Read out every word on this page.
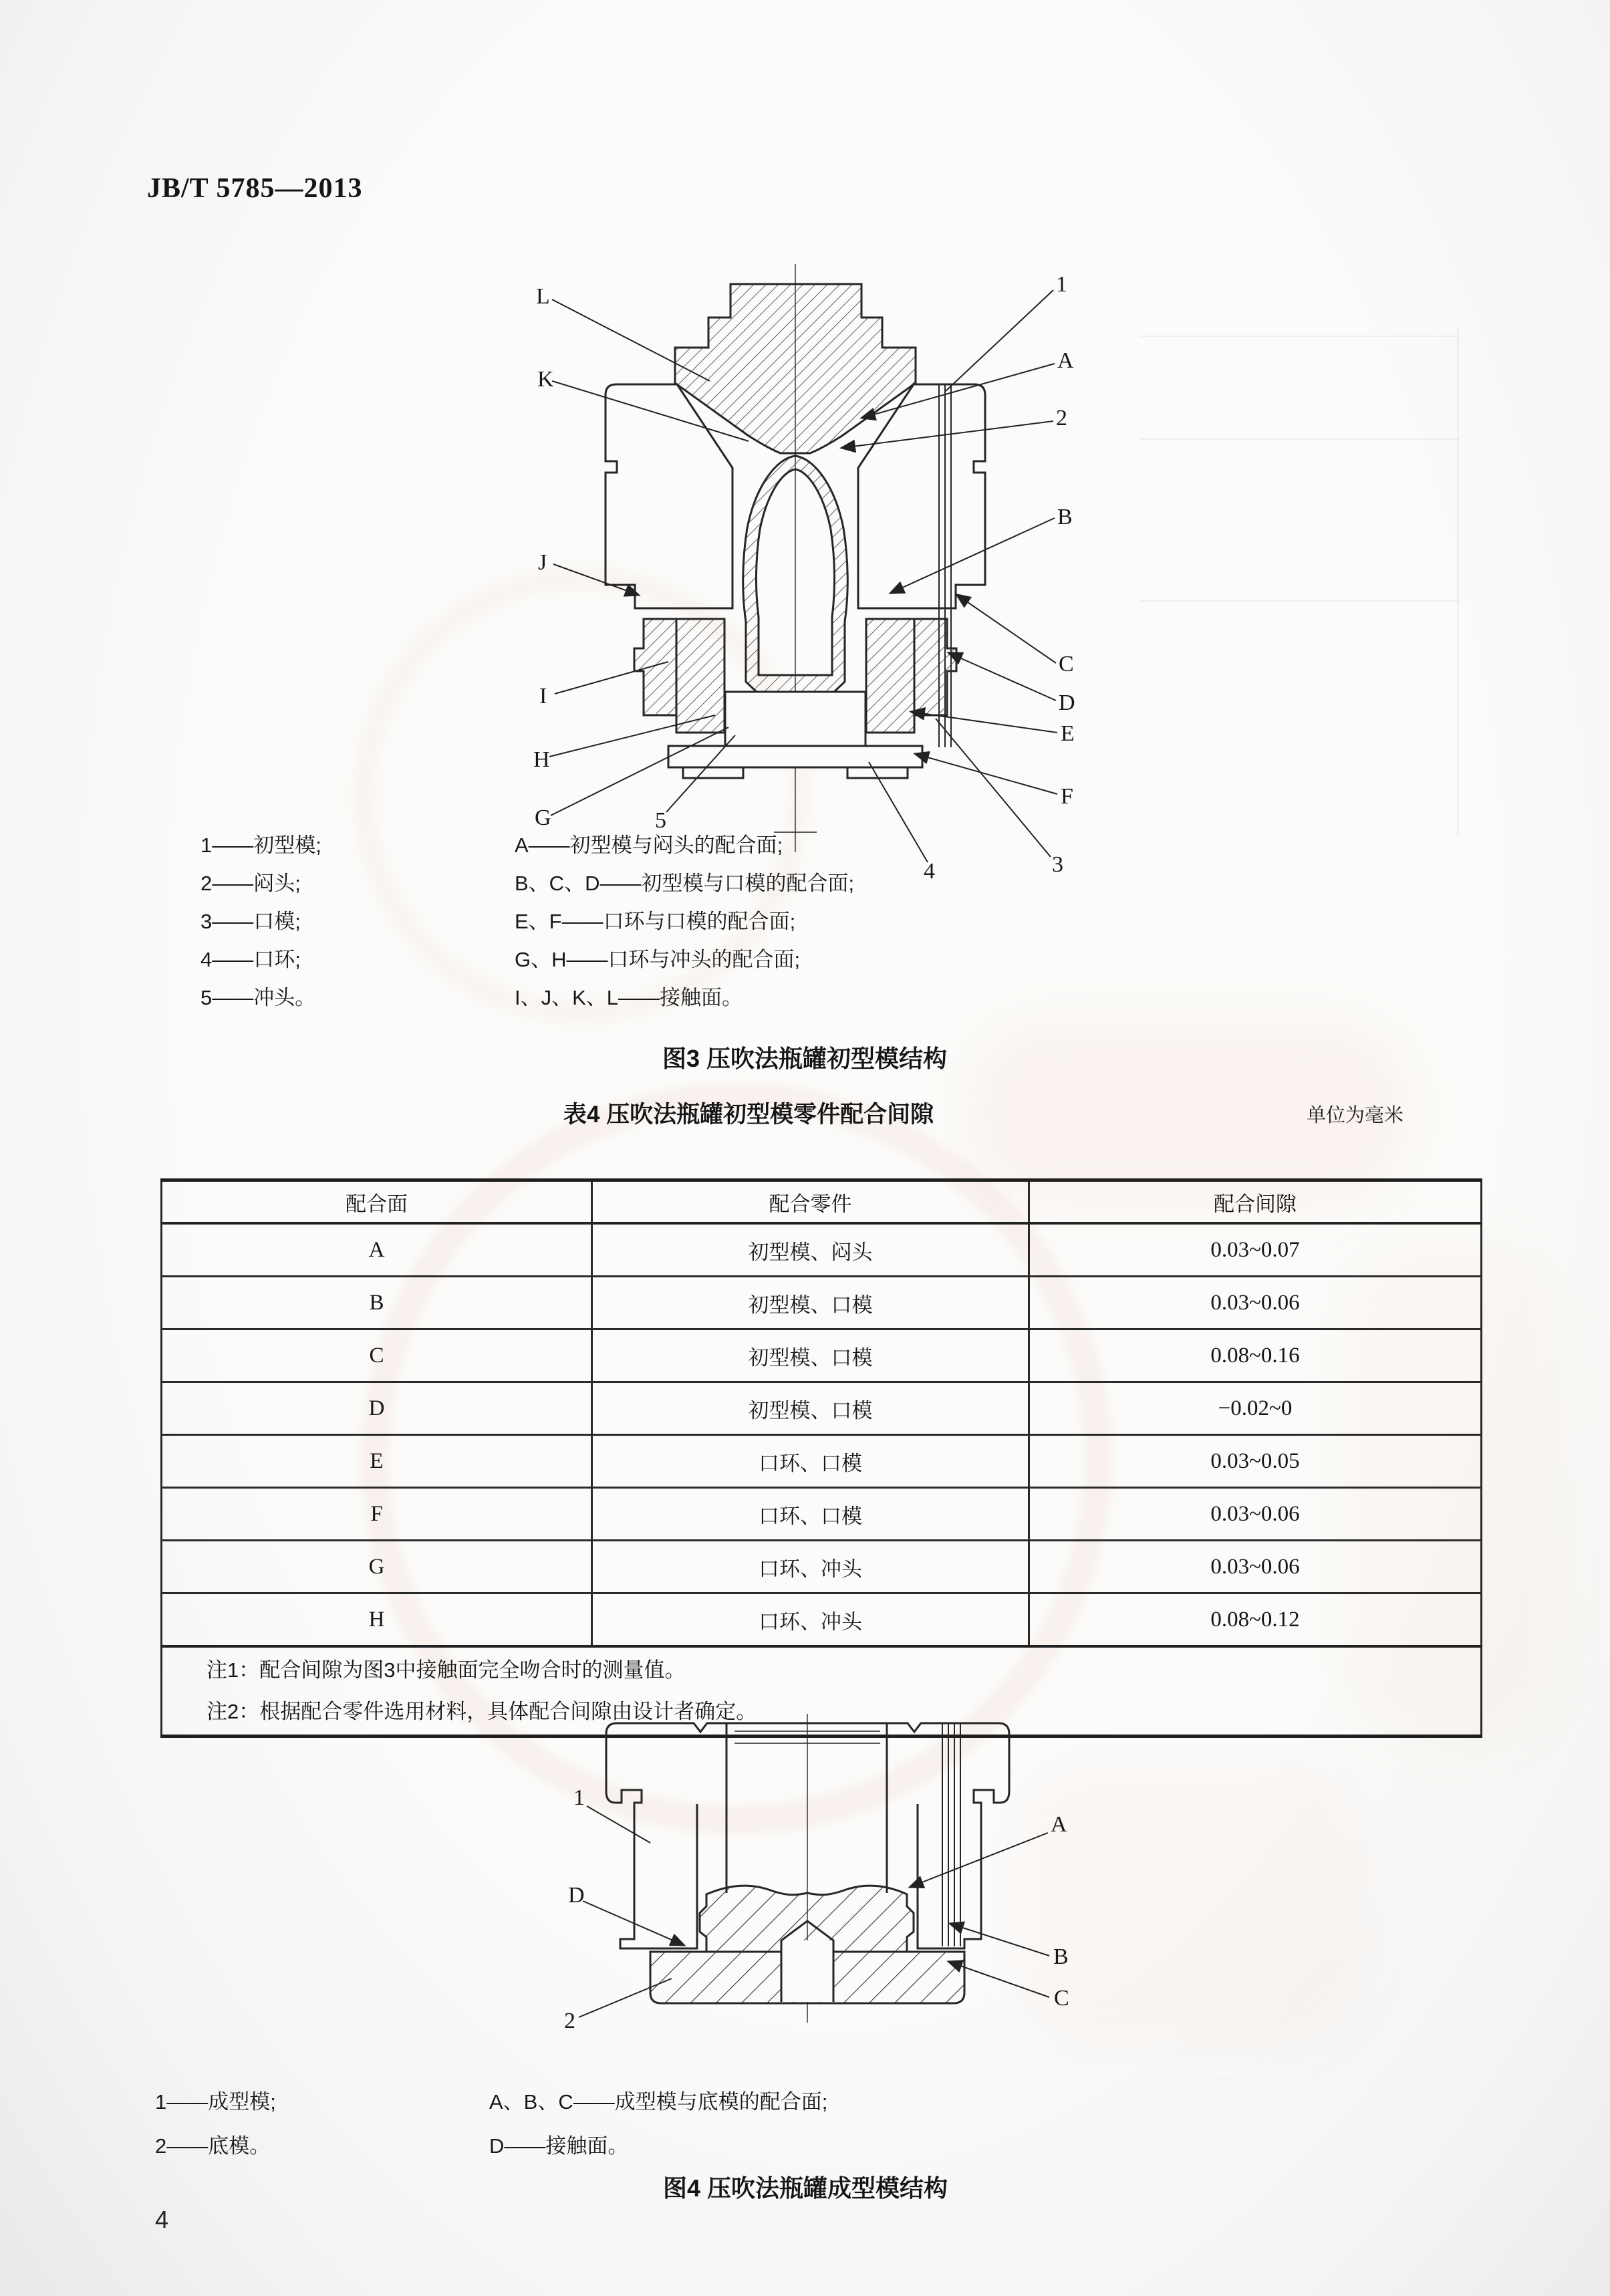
JB/T 5785—2013
L
K
J
I
H
G	5
4	3
1
A
2
B
C
D
E
F
1——初型模;
2——闷头;
3——口模;
4——口环;
5——冲头。
A——初型模与闷头的配合面;
B、C、D——初型模与口模的配合面;
E、F——口环与口模的配合面;
G、H——口环与冲头的配合面;
I、J、K、L——接触面。
图3 压吹法瓶罐初型模结构
表4 压吹法瓶罐初型模零件配合间隙	单位为毫米
配合面	配合零件	配合间隙
A	初型模、闷头	0.03~0.07
B	初型模、口模	0.03~0.06
C	初型模、口模	0.08~0.16
D	初型模、口模	−0.02~0
E	口环、口模	0.03~0.05
F	口环、口模	0.03~0.06
G	口环、冲头	0.03~0.06
H	口环、冲头	0.08~0.12

注1：配合间隙为图3中接触面完全吻合时的测量值。
注2：根据配合零件选用材料，具体配合间隙由设计者确定。		
1
D
2
A
B
C
1——成型模;
2——底模。
A、B、C——成型模与底模的配合面;
D——接触面。
图4 压吹法瓶罐成型模结构
4
